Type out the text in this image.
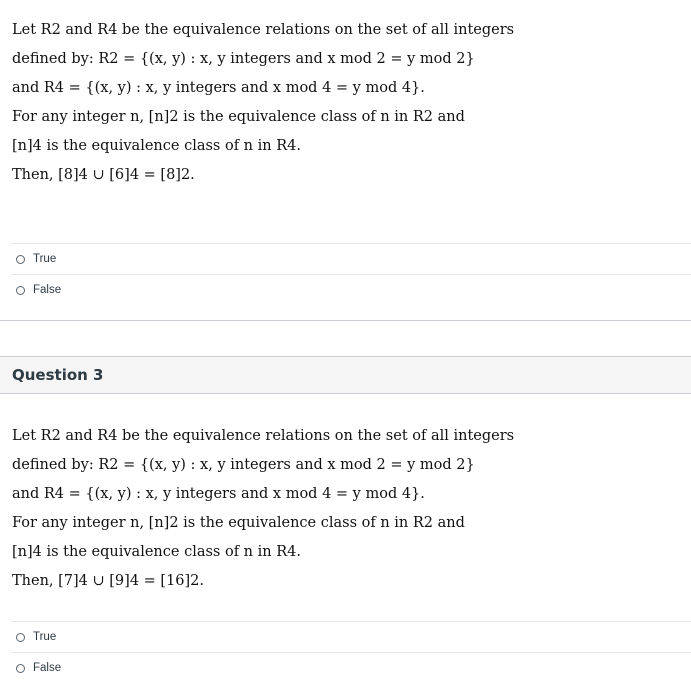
Let R2 and R4 be the equivalence relations on the set of all integers
defined by: R2 = {(x, y) : x, y integers and x mod 2 = y mod 2}
and R4 = {(x, y) : x, y integers and x mod 4 = y mod 4}.
For any integer n, [n]2 is the equivalence class of n in R2 and
[n]4 is the equivalence class of n in R4.
Then, [8]4 ∪ [6]4 = [8]2.
True
False
Question 3
Let R2 and R4 be the equivalence relations on the set of all integers
defined by: R2 = {(x, y) : x, y integers and x mod 2 = y mod 2}
and R4 = {(x, y) : x, y integers and x mod 4 = y mod 4}.
For any integer n, [n]2 is the equivalence class of n in R2 and
[n]4 is the equivalence class of n in R4.
Then, [7]4 ∪ [9]4 = [16]2.
True
False
